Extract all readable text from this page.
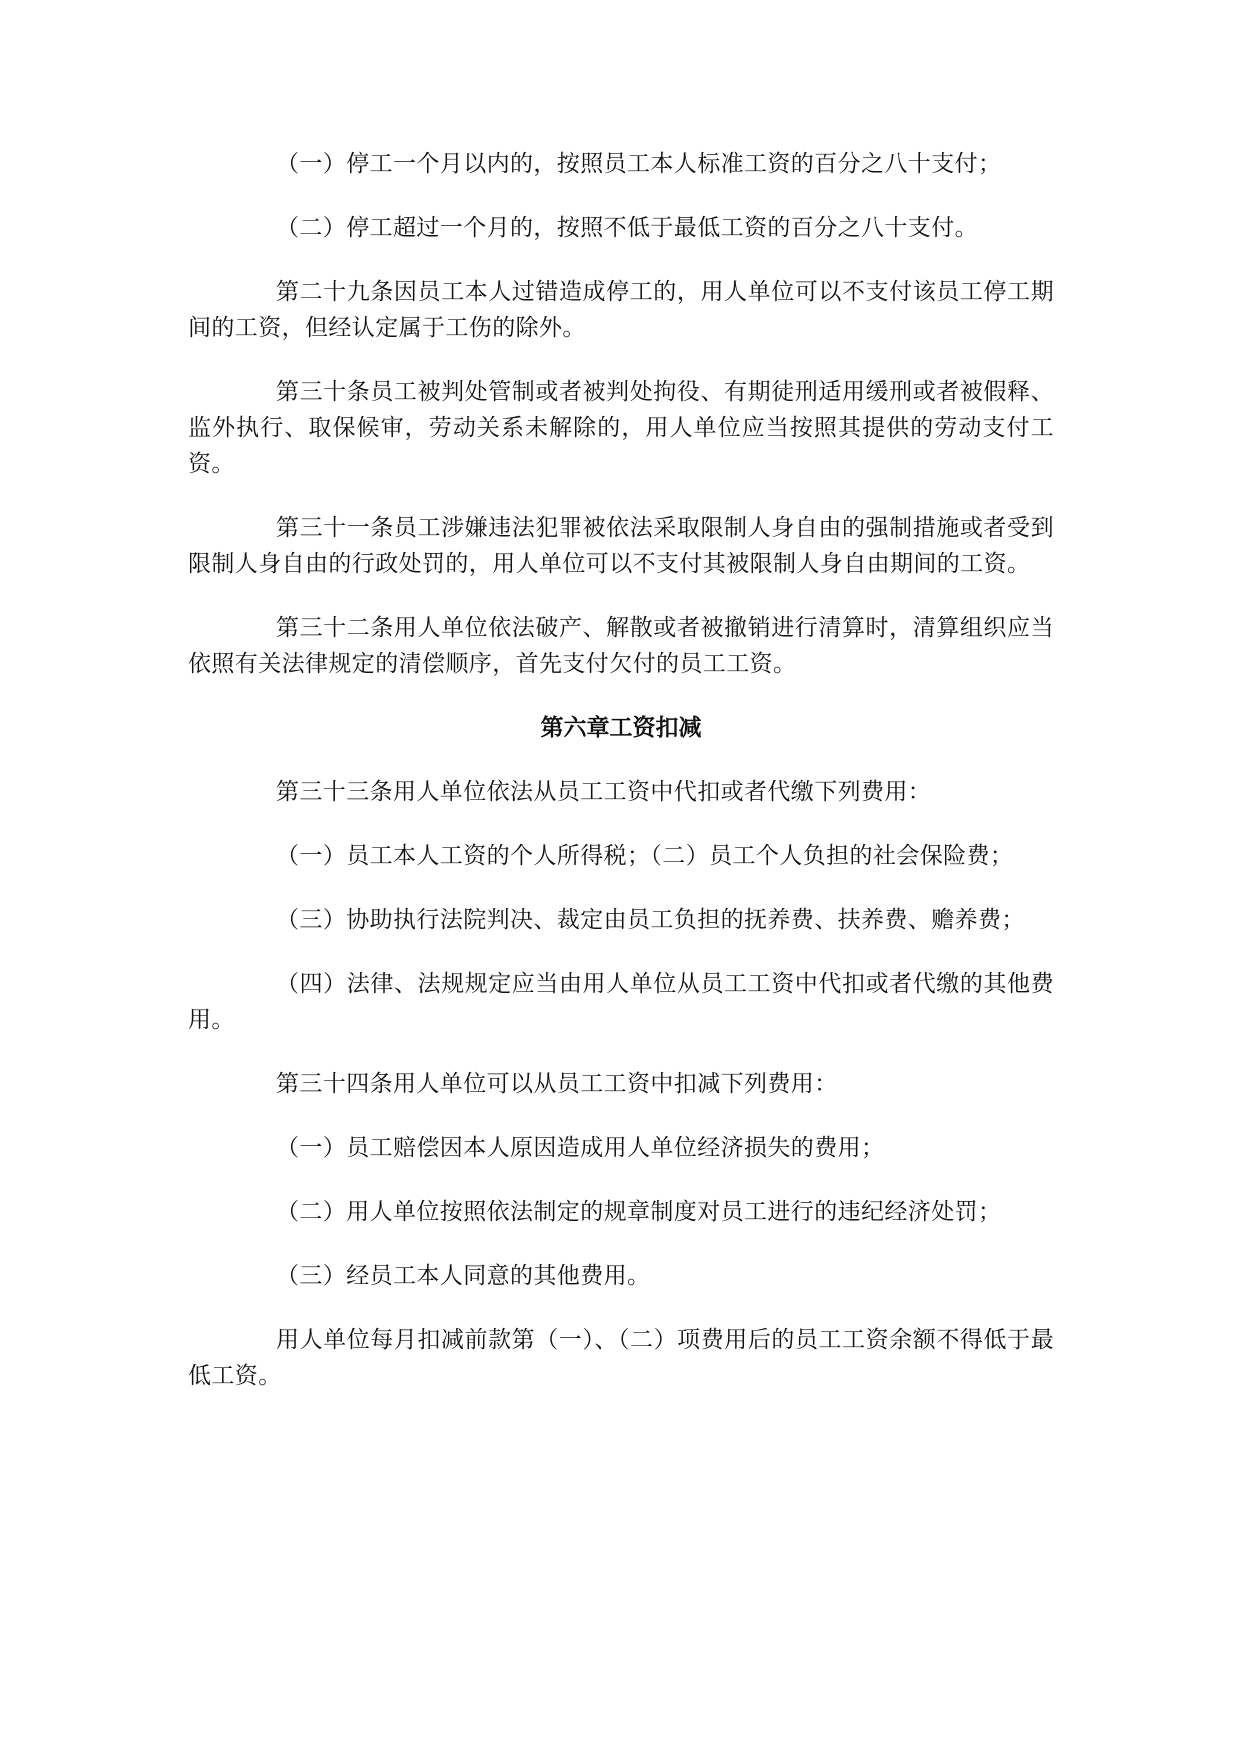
（一）停工一个月以内的，按照员工本人标准工资的百分之八十支付；

（二）停工超过一个月的，按照不低于最低工资的百分之八十支付。

第二十九条因员工本人过错造成停工的，用人单位可以不支付该员工停工期间的工资，但经认定属于工伤的除外。

第三十条员工被判处管制或者被判处拘役、有期徒刑适用缓刑或者被假释、监外执行、取保候审，劳动关系未解除的，用人单位应当按照其提供的劳动支付工资。

第三十一条员工涉嫌违法犯罪被依法采取限制人身自由的强制措施或者受到限制人身自由的行政处罚的，用人单位可以不支付其被限制人身自由期间的工资。

第三十二条用人单位依法破产、解散或者被撤销进行清算时，清算组织应当依照有关法律规定的清偿顺序，首先支付欠付的员工工资。

第六章工资扣减

第三十三条用人单位依法从员工工资中代扣或者代缴下列费用：

（一）员工本人工资的个人所得税；（二）员工个人负担的社会保险费；

（三）协助执行法院判决、裁定由员工负担的抚养费、扶养费、赡养费；

（四）法律、法规规定应当由用人单位从员工工资中代扣或者代缴的其他费用。

第三十四条用人单位可以从员工工资中扣减下列费用：

（一）员工赔偿因本人原因造成用人单位经济损失的费用；

（二）用人单位按照依法制定的规章制度对员工进行的违纪经济处罚；

（三）经员工本人同意的其他费用。

用人单位每月扣减前款第（一）、（二）项费用后的员工工资余额不得低于最低工资。
